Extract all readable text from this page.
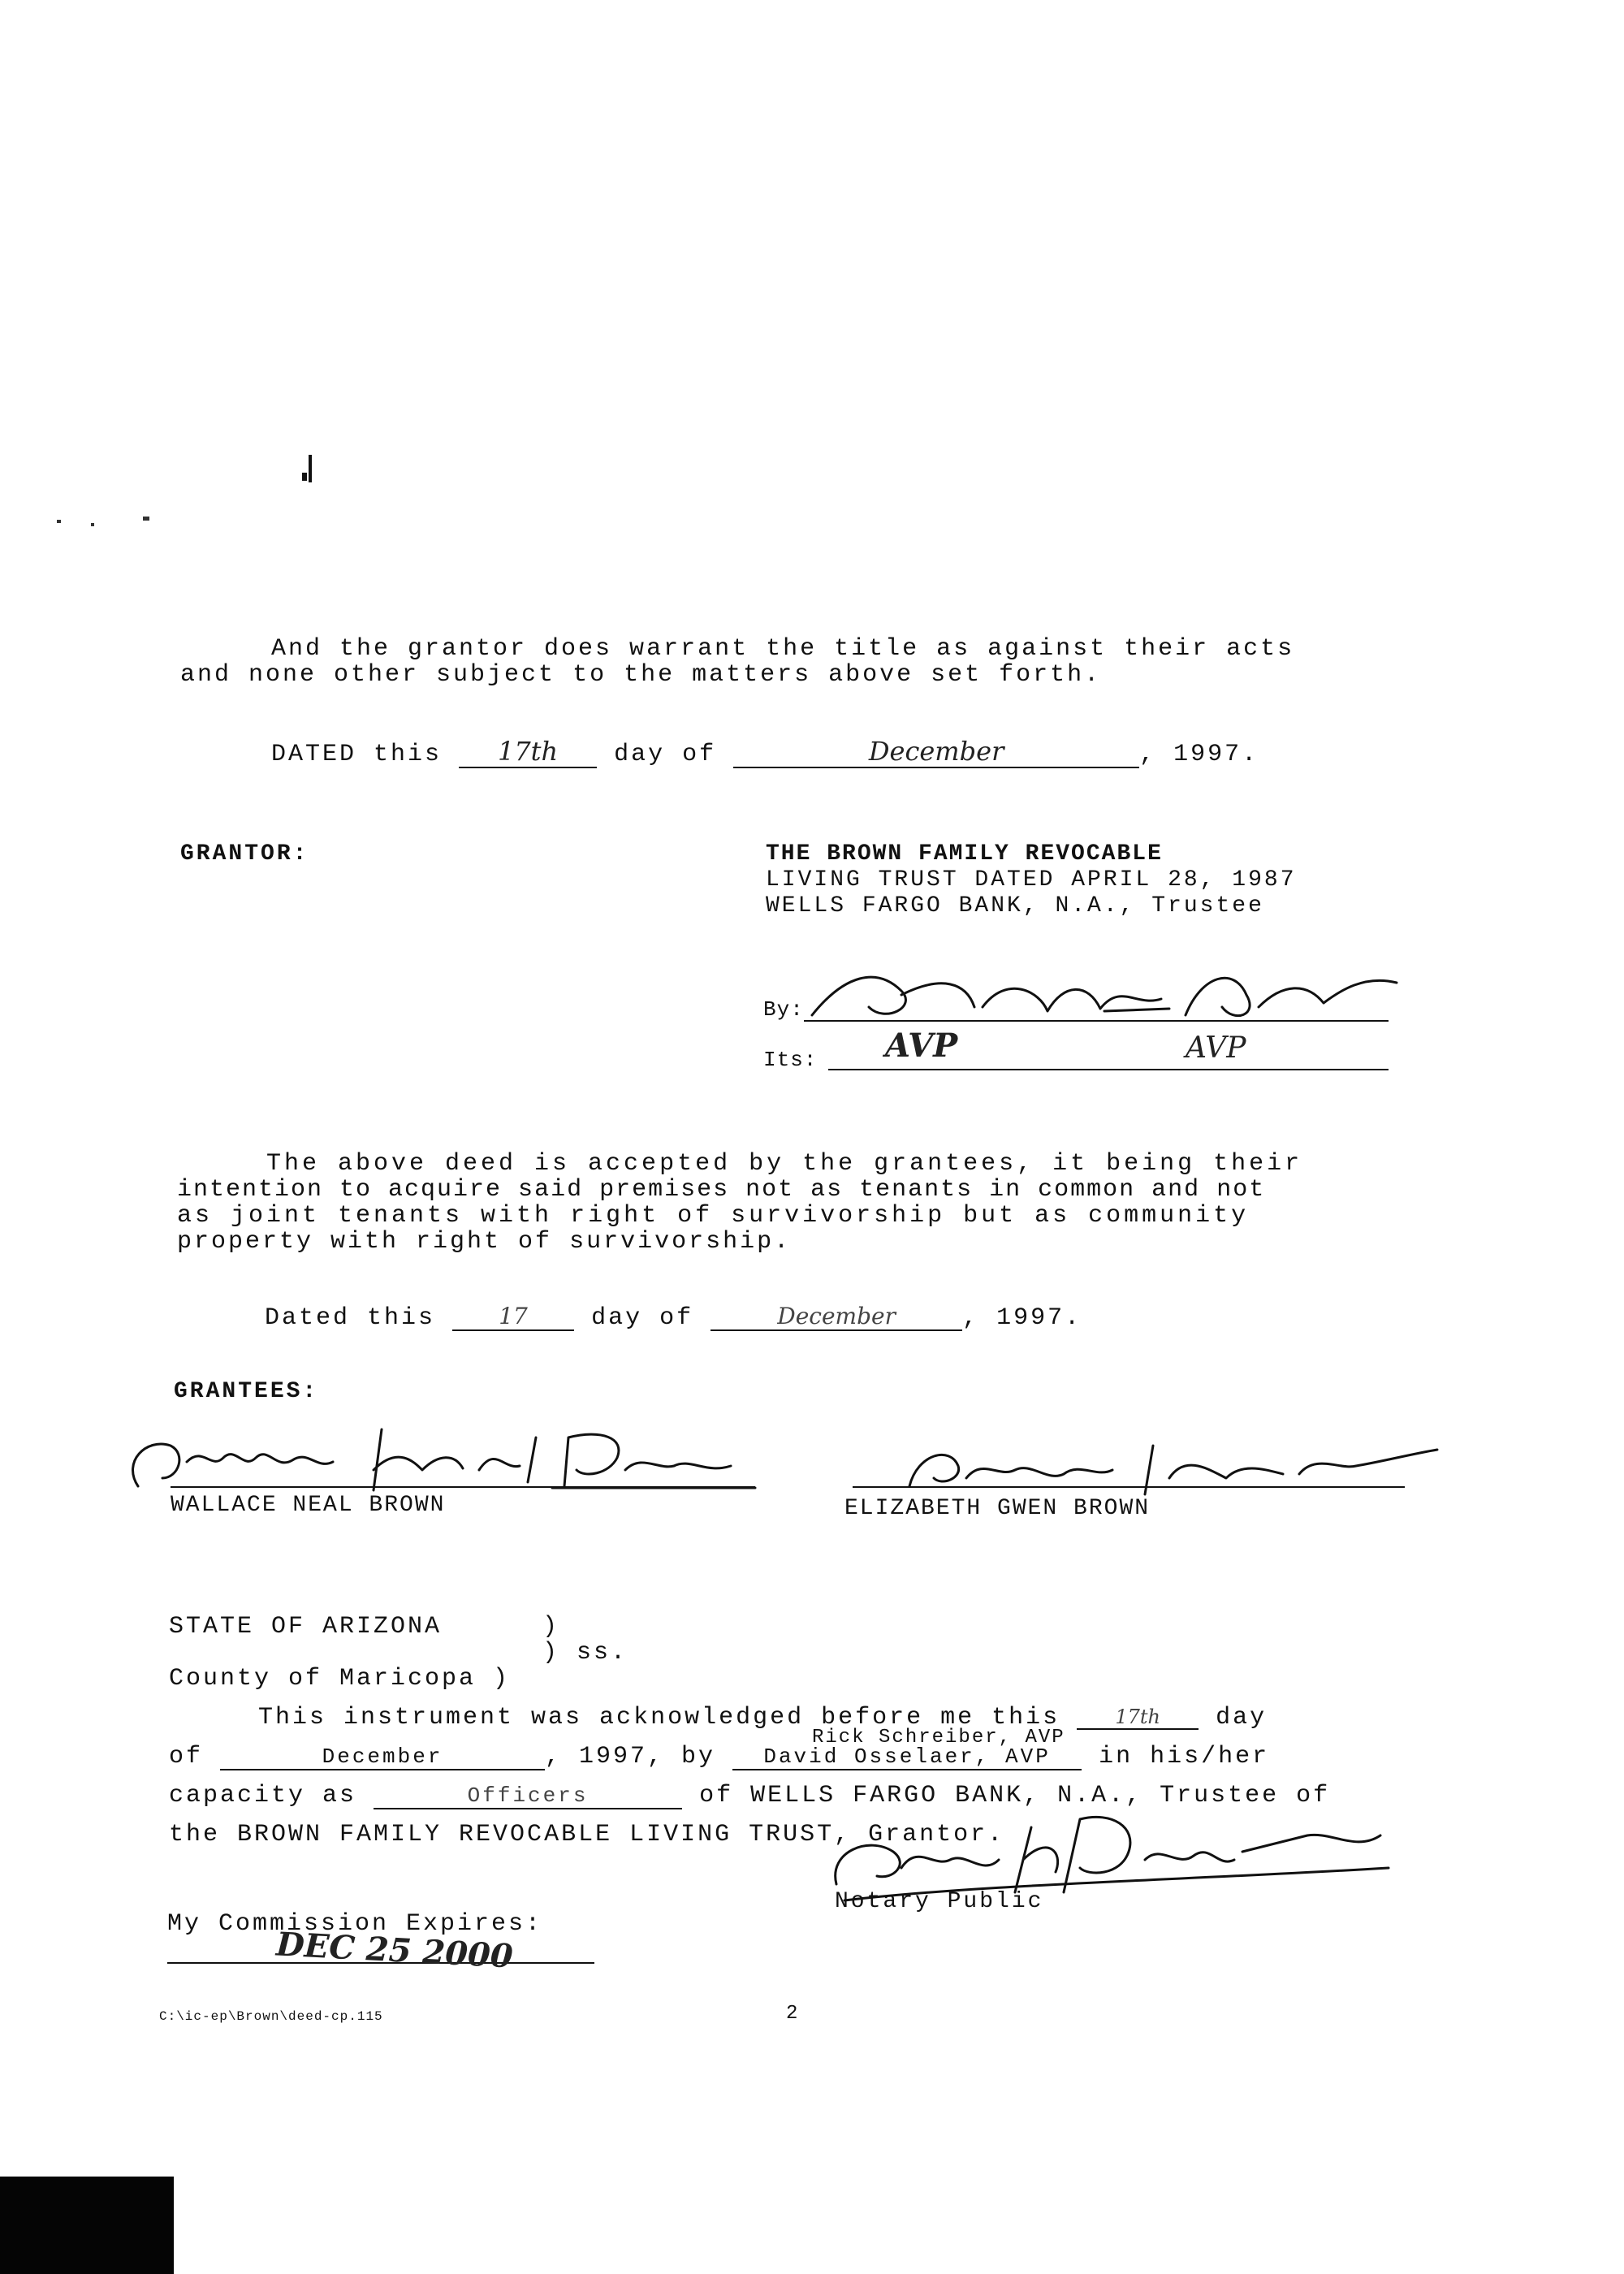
And the grantor does warrant the title as against their acts
and none other subject to the matters above set forth.
DATED this 17th day of	December	, 1997.
GRANTOR:	THE BROWN FAMILY REVOCABLE
LIVING TRUST DATED APRIL 28, 1987
WELLS FARGO BANK, N.A., Trustee
By:
Its: AVP	AVP
The above deed is accepted by the grantees, it being their
intention to acquire said premises not as tenants in common and not
as joint tenants with right of survivorship but as community
property with right of survivorship.
Dated this	17	day of	December	, 1997.
GRANTEES:
WALLACE NEAL BROWN	ELIZABETH GWEN BROWN
STATE OF ARIZONA	)
) ss.
County of Maricopa )
This instrument was acknowledged before me this	17th day
Rick Schreiber, AVP
of	December	, 1997, by David Osselaer, AVP in his/her
capacity as	Officers	of WELLS FARGO BANK, N.A., Trustee of
the BROWN FAMILY REVOCABLE LIVING TRUST, Grantor.
Notary Public
My Commission Expires:
DEC 25 2000
C:\ic-ep\Brown\deed-cp.115	2
